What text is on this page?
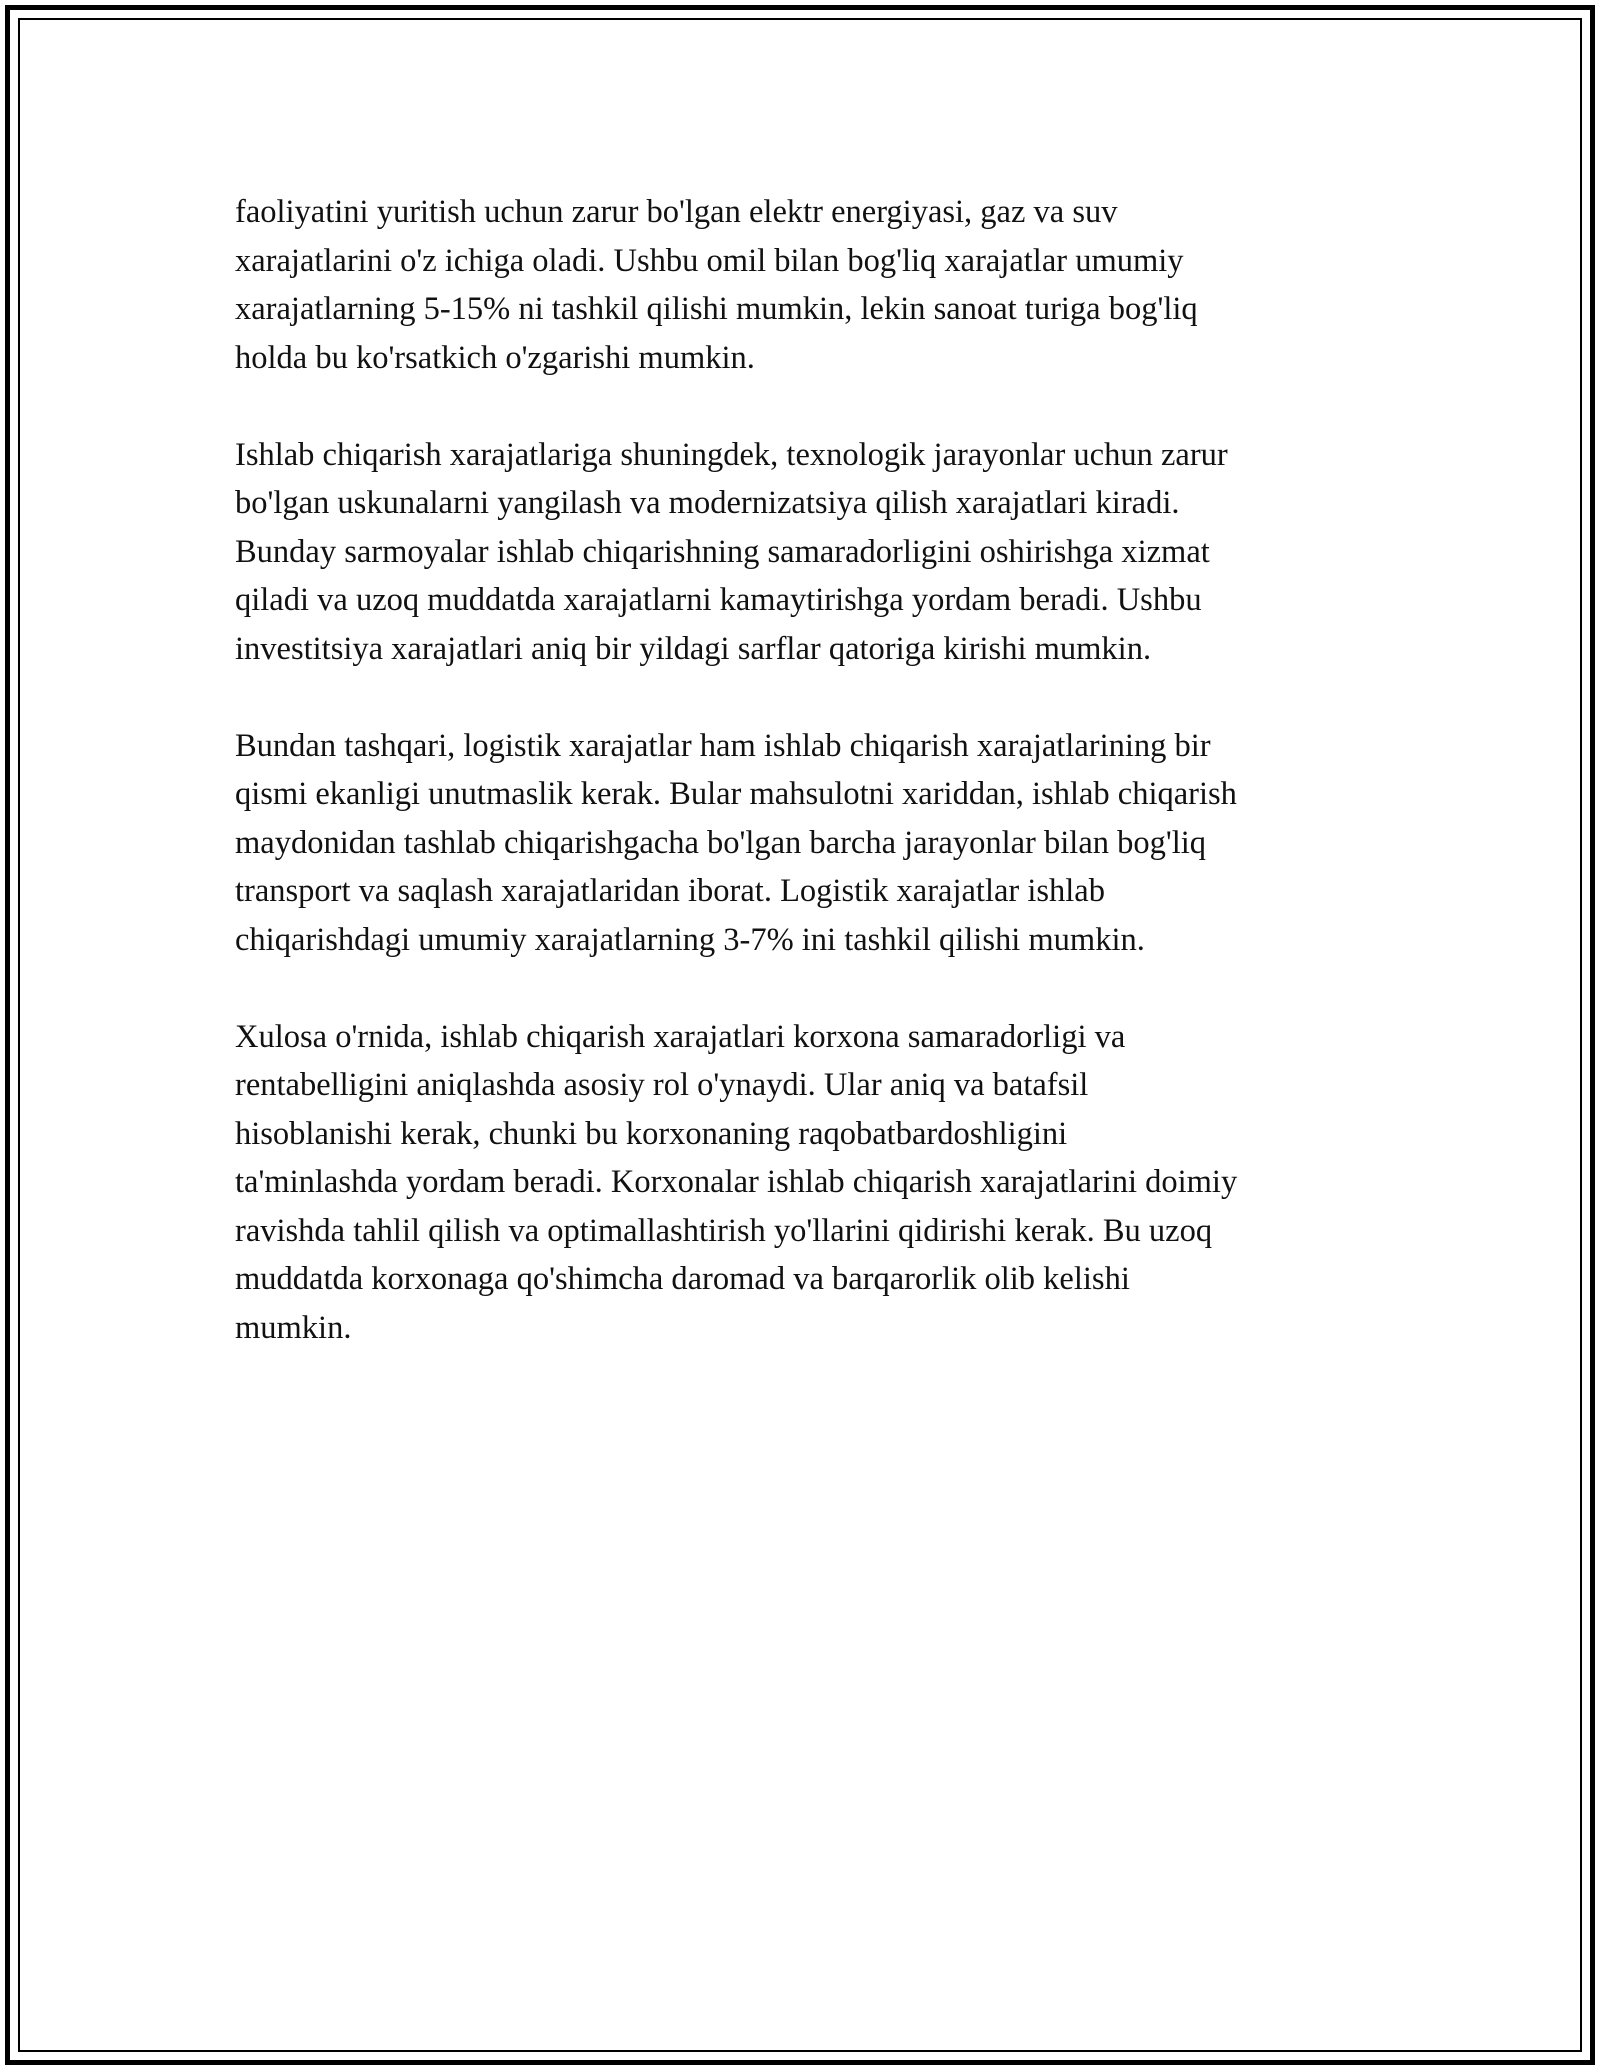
faoliyatini yuritish uchun zarur bo'lgan elektr energiyasi, gaz va suv
xarajatlarini o'z ichiga oladi. Ushbu omil bilan bog'liq xarajatlar umumiy
xarajatlarning 5-15% ni tashkil qilishi mumkin, lekin sanoat turiga bog'liq
holda bu ko'rsatkich o'zgarishi mumkin.

Ishlab chiqarish xarajatlariga shuningdek, texnologik jarayonlar uchun zarur
bo'lgan uskunalarni yangilash va modernizatsiya qilish xarajatlari kiradi.
Bunday sarmoyalar ishlab chiqarishning samaradorligini oshirishga xizmat
qiladi va uzoq muddatda xarajatlarni kamaytirishga yordam beradi. Ushbu
investitsiya xarajatlari aniq bir yildagi sarflar qatoriga kirishi mumkin.

Bundan tashqari, logistik xarajatlar ham ishlab chiqarish xarajatlarining bir
qismi ekanligi unutmaslik kerak. Bular mahsulotni xariddan, ishlab chiqarish
maydonidan tashlab chiqarishgacha bo'lgan barcha jarayonlar bilan bog'liq
transport va saqlash xarajatlaridan iborat. Logistik xarajatlar ishlab
chiqarishdagi umumiy xarajatlarning 3-7% ini tashkil qilishi mumkin.

Xulosa o'rnida, ishlab chiqarish xarajatlari korxona samaradorligi va
rentabelligini aniqlashda asosiy rol o'ynaydi. Ular aniq va batafsil
hisoblanishi kerak, chunki bu korxonaning raqobatbardoshligini
ta'minlashda yordam beradi. Korxonalar ishlab chiqarish xarajatlarini doimiy
ravishda tahlil qilish va optimallashtirish yo'llarini qidirishi kerak. Bu uzoq
muddatda korxonaga qo'shimcha daromad va barqarorlik olib kelishi
mumkin.
